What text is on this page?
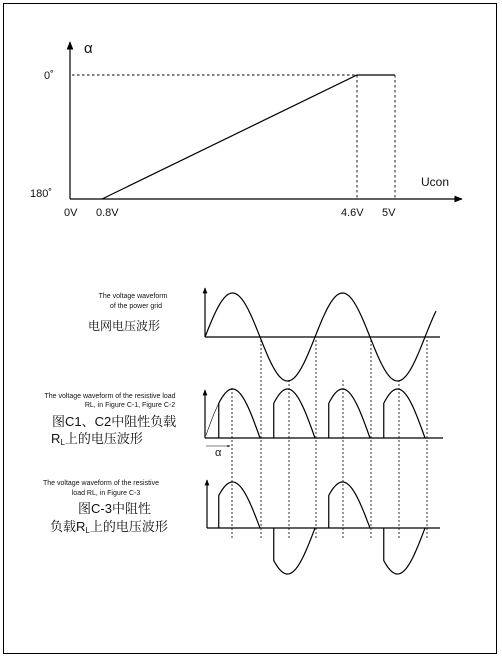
α
Ucon
0˚
180˚
0V 0.8V	4.6V 5V
The voltage waveform
of the power grid
电网电压波形
The voltage waveform of the resistive load
RL, in Figure C-1, Figure C-2
图C1、C2中阻性负载
RL上的电压波形
α
The voltage waveform of the resistive
load RL, in Figure C-3
图C-3中阻性
负载RL上的电压波形
